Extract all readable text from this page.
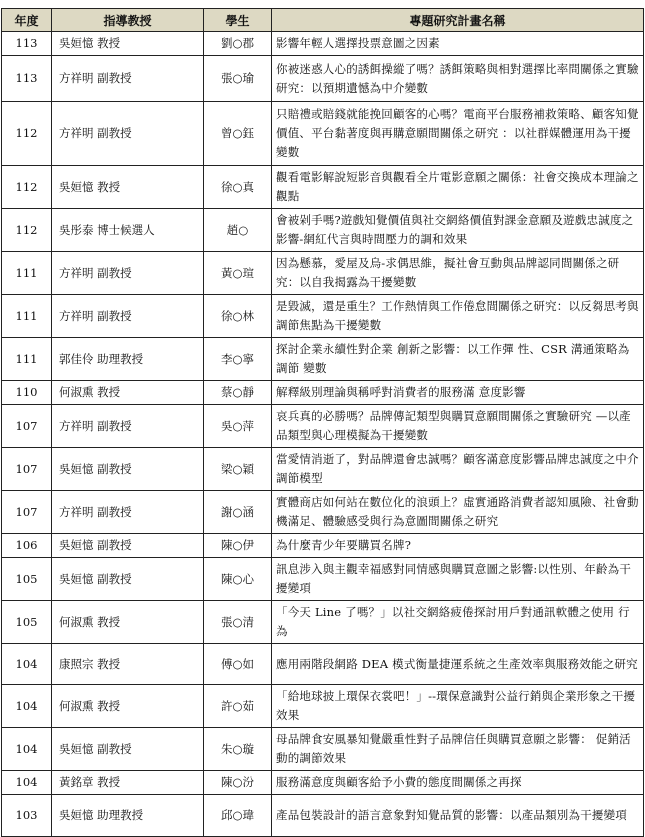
年度	指導教授	學生	專題研究計畫名稱
113	吳姮憶 教授	劉○郡	影響年輕人選擇投票意圖之因素
113	方祥明 副教授	張○瑜	你被迷惑人心的誘餌操縱了嗎？誘餌策略與相對選擇比率問關係之實驗研究：以預期遺憾為中介變數
112	方祥明 副教授	曾○鈺	只賠禮或賠錢就能挽回顧客的心嗎？電商平台服務補救策略、顧客知覺價值、平台黏著度與再購意願間關係之研究 ：以社群媒體運用為干擾變數
112	吳姮憶 教授	徐○真	觀看電影解說短影音與觀看全片電影意願之關係：社會交換成本理論之觀點
112	吳彤泰 博士候選人	趙○	會被剁手嗎?遊戲知覺價值與社交網絡價值對課金意願及遊戲忠誠度之影響-網紅代言與時間壓力的調和效果
111	方祥明 副教授	黃○瑄	因為懸慕，愛屋及烏-求偶思維，擬社會互動與品牌認同間關係之研究：以自我揭露為干擾變數
111	方祥明 副教授	徐○林	是毀滅，還是重生？工作熱情與工作倦怠間關係之研究：以反芻思考與調節焦點為干擾變數
111	郭佳伶 助理教授	李○寧	探討企業永續性對企業 創新之影響：以工作彈 性、CSR 溝通策略為調節 變數
110	何淑熏 教授	蔡○靜	解釋級別理論與稱呼對消費者的服務滿 意度影響
107	方祥明 副教授	吳○萍	哀兵真的必勝嗎？品牌傳記類型與購買意願間關係之實驗研究 —以產品類型與心理模擬為干擾變數
107	吳姮憶 副教授	梁○穎	當愛情消逝了，對品牌還會忠誠嗎？顧客滿意度影響品牌忠誠度之中介調節模型
107	方祥明 副教授	謝○涵	實體商店如何站在數位化的浪頭上？虛實通路消費者認知風險、社會動機滿足、體驗感受與行為意圖間關係之研究
106	吳姮憶 副教授	陳○伊	為什麼青少年要購買名牌?
105	吳姮憶 副教授	陳○心	訊息涉入與主觀幸福感對同情感與購買意圖之影響:以性別、年齡為干擾變項
105	何淑熏 教授	張○清	「今天 Line 了嗎？」以社交網絡疲倦探討用戶對通訊軟體之使用 行為
104	康照宗 教授	傅○如	應用兩階段網路 DEA 模式衡量捷運系統之生產效率與服務效能之研究
104	何淑熏 教授	許○茹	「給地球披上環保衣裳吧！」--環保意識對公益行銷與企業形象之干擾效果
104	吳姮憶 副教授	朱○璇	母品牌食安風暴知覺嚴重性對子品牌信任與購買意願之影響： 促銷活動的調節效果
104	黃銘章 教授	陳○汾	服務滿意度與顧客給予小費的態度間關係之再探
103	吳姮憶 助理教授	邱○瑋	產品包裝設計的語言意象對知覺品質的影響：以產品類別為干擾變項
